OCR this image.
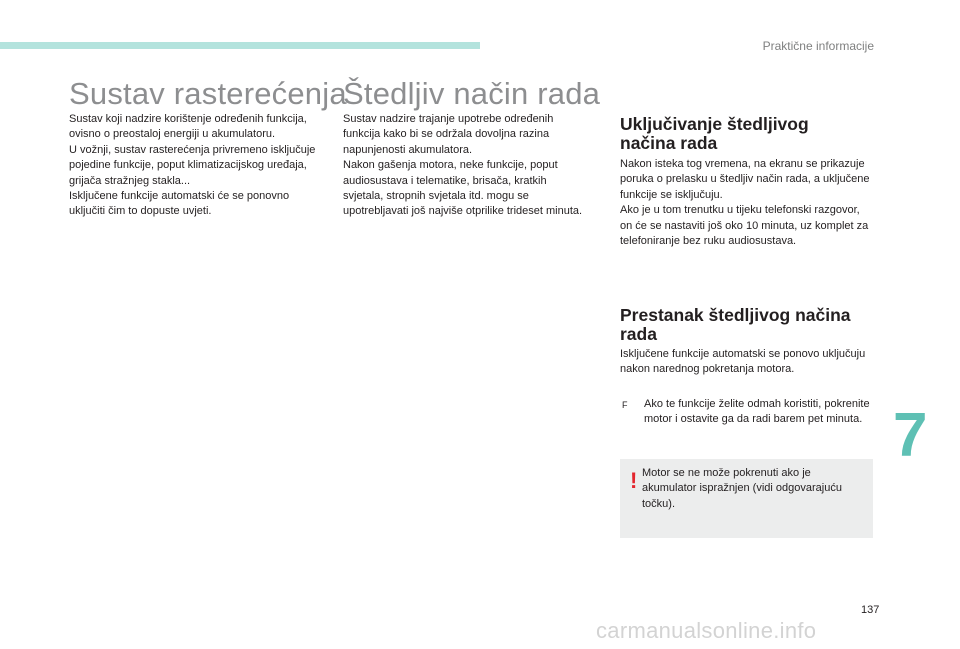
Praktične informacije
Sustav rasterećenja

Sustav koji nadzire korištenje određenih funkcija, ovisno o preostaloj energiji u akumulatoru.

U vožnji, sustav rasterećenja privremeno isključuje pojedine funkcije, poput klimatizacijskog uređaja, grijača stražnjeg stakla...

Isključene funkcije automatski će se ponovno uključiti čim to dopuste uvjeti.

Štedljiv način rada

Sustav nadzire trajanje upotrebe određenih funkcija kako bi se održala dovoljna razina napunjenosti akumulatora.

Nakon gašenja motora, neke funkcije, poput audiosustava i telematike, brisača, kratkih svjetala, stropnih svjetala itd. mogu se upotrebljavati još najviše otprilike trideset minuta.

Uključivanje štedljivog načina rada

Nakon isteka tog vremena, na ekranu se prikazuje poruka o prelasku u štedljiv način rada, a uključene funkcije se isključuju.

Ako je u tom trenutku u tijeku telefonski razgovor, on će se nastaviti još oko 10 minuta, uz komplet za telefoniranje bez ruku audiosustava.

Prestanak štedljivog načina rada

Isključene funkcije automatski se ponovo uključuju nakon narednog pokretanja motora.

F	Ako te funkcije želite odmah koristiti, pokrenite motor i ostavite ga da radi barem pet minuta.
! Motor se ne može pokrenuti ako je akumulator ispražnjen (vidi odgovarajuću točku).
7
137
carmanualsonline.info
